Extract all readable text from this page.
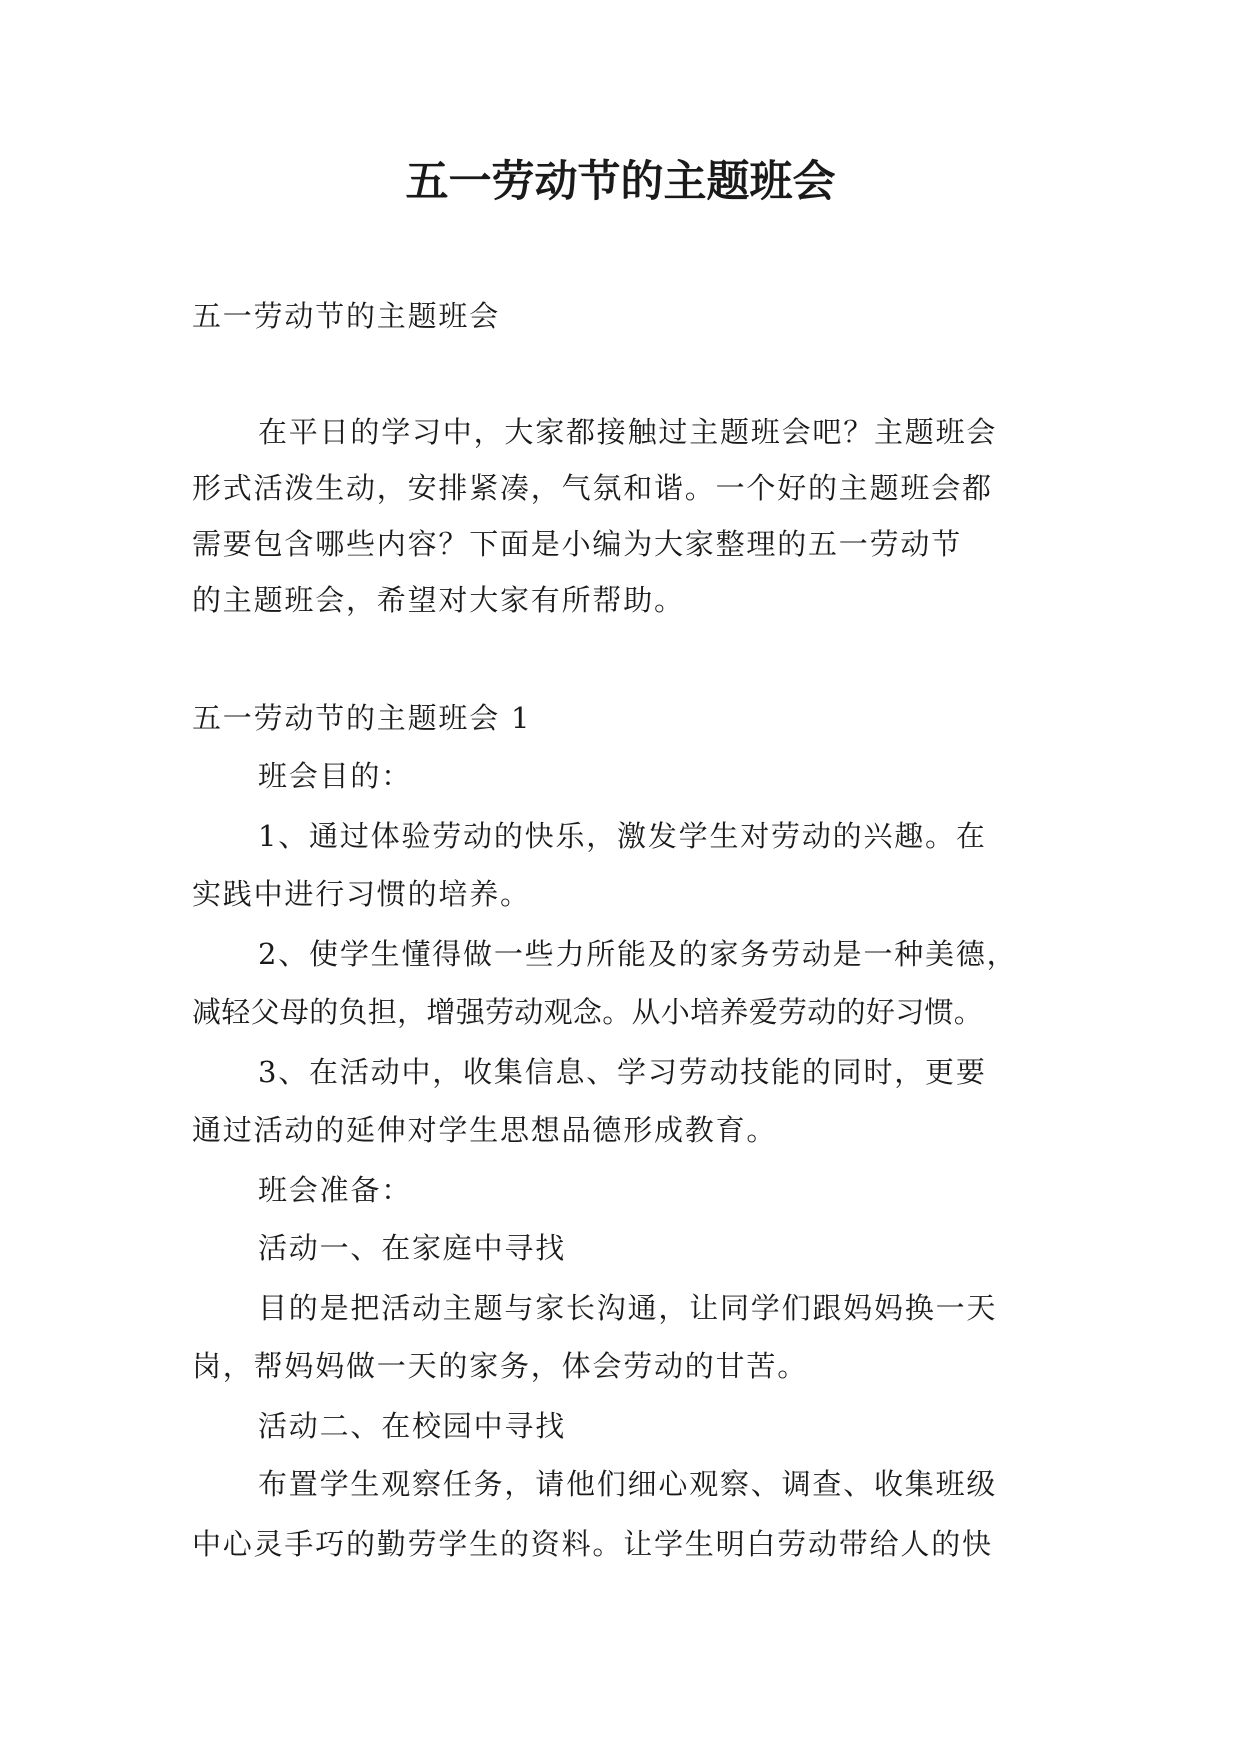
五一劳动节的主题班会

五一劳动节的主题班会

在平日的学习中，大家都接触过主题班会吧？主题班会

形式活泼生动，安排紧凑，气氛和谐。一个好的主题班会都

需要包含哪些内容？下面是小编为大家整理的五一劳动节

的主题班会，希望对大家有所帮助。

五一劳动节的主题班会 1

班会目的：

1、通过体验劳动的快乐，激发学生对劳动的兴趣。在

实践中进行习惯的培养。

2、使学生懂得做一些力所能及的家务劳动是一种美德，

减轻父母的负担，增强劳动观念。从小培养爱劳动的好习惯。

3、在活动中，收集信息、学习劳动技能的同时，更要

通过活动的延伸对学生思想品德形成教育。

班会准备：

活动一、在家庭中寻找

目的是把活动主题与家长沟通，让同学们跟妈妈换一天

岗，帮妈妈做一天的家务，体会劳动的甘苦。

活动二、在校园中寻找

布置学生观察任务，请他们细心观察、调查、收集班级

中心灵手巧的勤劳学生的资料。让学生明白劳动带给人的快
